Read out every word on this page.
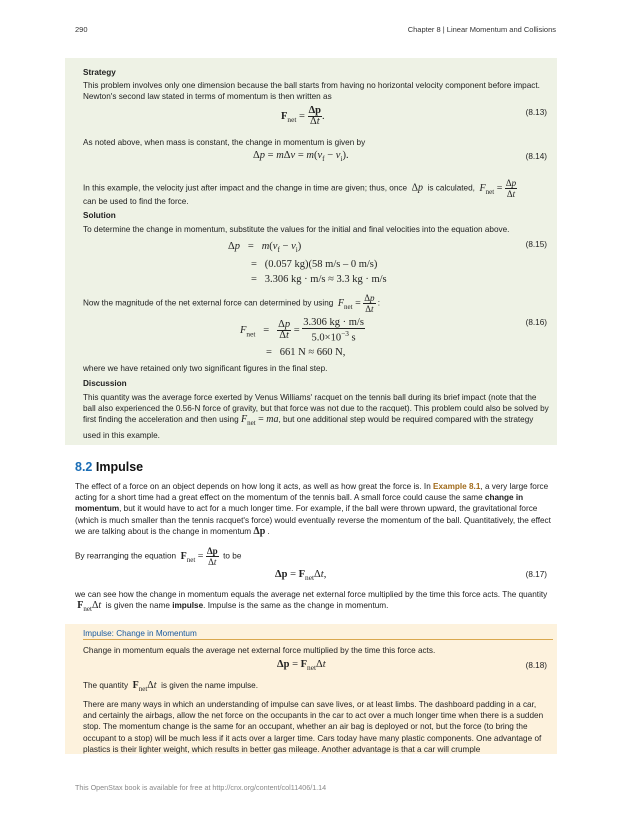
290	Chapter 8 | Linear Momentum and Collisions
Strategy
This problem involves only one dimension because the ball starts from having no horizontal velocity component before impact. Newton's second law stated in terms of momentum is then written as
$F_{net} = \frac{\Delta p}{\Delta t}$ .	(8.13)
As noted above, when mass is constant, the change in momentum is given by
$\Delta p = m\Delta v = m(v_f - v_i)$.	(8.14)
In this example, the velocity just after impact and the change in time are given; thus, once Δp is calculated, $F_{net} = \frac{\Delta p}{\Delta t}$
can be used to find the force.
Solution
To determine the change in momentum, substitute the values for the initial and final velocities into the equation above.
$\Delta p = m(v_f - v_i)$
=   (0.057 kg)(58 m/s – 0 m/s)
=   3.306 kg · m/s ≈ 3.3 kg · m/s
(8.15)
Now the magnitude of the net external force can determined by using $F_{net} = \frac{\Delta p}{\Delta t}$ :
$F_{net} = \frac{\Delta p}{\Delta t} = \frac{3.306 kg \cdot m/s}{5.0\times 10^{-3} s}$
=   661 N ≈ 660 N,
(8.16)
where we have retained only two significant figures in the final step.
Discussion
This quantity was the average force exerted by Venus Williams' racquet on the tennis ball during its brief impact (note that the ball also experienced the 0.56-N force of gravity, but that force was not due to the racquet). This problem could also be solved by first finding the acceleration and then using $F_{net}$ = ma, but one additional step would be required compared with the strategy used in this example.
8.2 Impulse
The effect of a force on an object depends on how long it acts, as well as how great the force is. In Example 8.1, a very large force acting for a short time had a great effect on the momentum of the tennis ball. A small force could cause the same change in momentum, but it would have to act for a much longer time. For example, if the ball were thrown upward, the gravitational force (which is much smaller than the tennis racquet's force) would eventually reverse the momentum of the ball. Quantitatively, the effect we are talking about is the change in momentum Δp .
By rearranging the equation $F_{net} = \frac{\Delta p}{\Delta t}$ to be
$\Delta p = F_{net}\Delta t$,	(8.17)
we can see how the change in momentum equals the average net external force multiplied by the time this force acts. The quantity  $F_{net}\Delta t$ is given the name impulse. Impulse is the same as the change in momentum.
Impulse: Change in Momentum
Change in momentum equals the average net external force multiplied by the time this force acts.
$\Delta p = F_{net}\Delta t$	(8.18)
The quantity $F_{net}\Delta t$ is given the name impulse.
There are many ways in which an understanding of impulse can save lives, or at least limbs. The dashboard padding in a car, and certainly the airbags, allow the net force on the occupants in the car to act over a much longer time when there is a sudden stop. The momentum change is the same for an occupant, whether an air bag is deployed or not, but the force (to bring the occupant to a stop) will be much less if it acts over a larger time. Cars today have many plastic components. One advantage of plastics is their lighter weight, which results in better gas mileage. Another advantage is that a car will crumple
This OpenStax book is available for free at http://cnx.org/content/col11406/1.14
